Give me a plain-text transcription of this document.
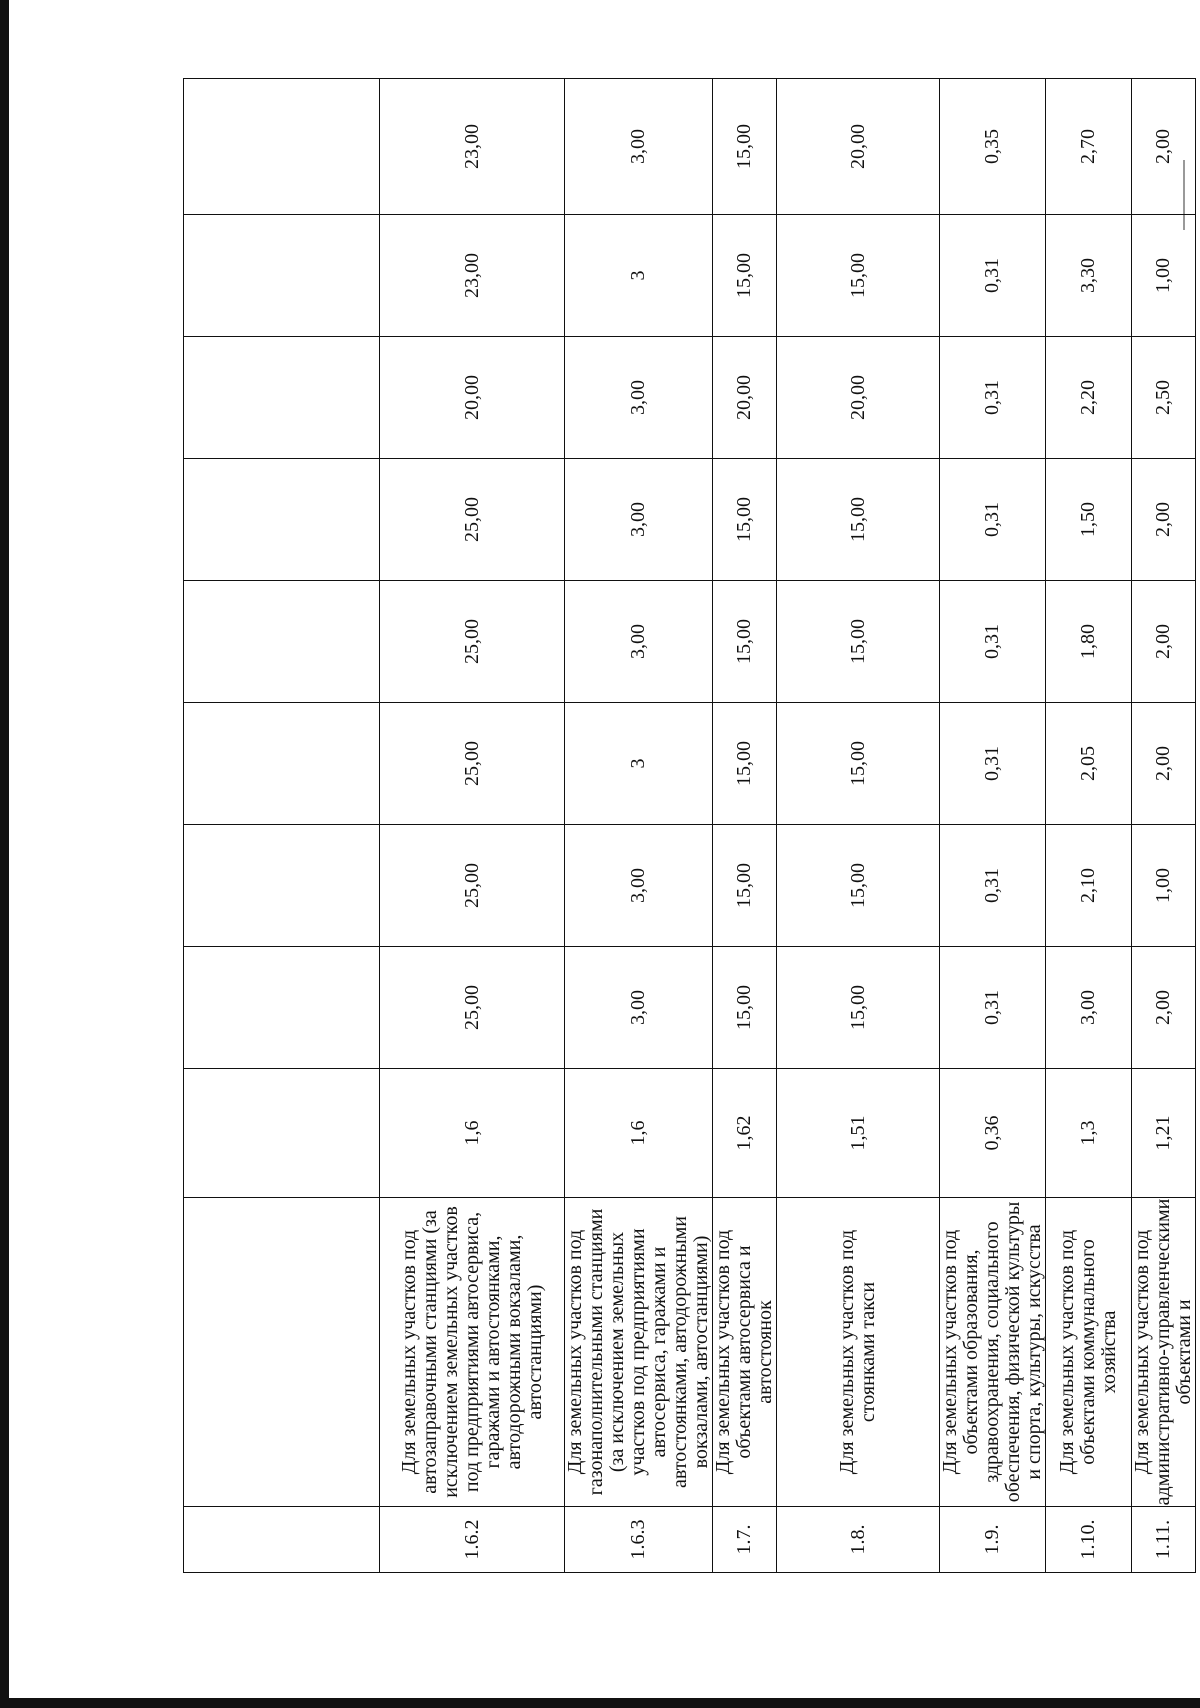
1.6.2	Для земельных участков под автозаправочными станциями (за исключением земельных участков под предприятиями автосервиса, гаражами и автостоянками, автодорожными вокзалами, автостанциями)	1,6	25,00	25,00	25,00	25,00	25,00	20,00	23,00	23,00
1.6.3	Для земельных участков под газонаполнительными станциями (за исключением земельных участков под предприятиями автосервиса, гаражами и автостоянками, автодорожными вокзалами, автостанциями)	1,6	3,00	3,00	3	3,00	3,00	3,00	3	3,00
1.7.	Для земельных участков под объектами автосервиса и автостоянок	1,62	15,00	15,00	15,00	15,00	15,00	20,00	15,00	15,00
1.8.	Для земельных участков под стоянками такси	1,51	15,00	15,00	15,00	15,00	15,00	20,00	15,00	20,00
1.9.	Для земельных участков под объектами образования, здравоохранения, социального обеспечения, физической культуры и спорта, культуры, искусства	0,36	0,31	0,31	0,31	0,31	0,31	0,31	0,31	0,35
1.10.	Для земельных участков под объектами коммунального хозяйства	1,3	3,00	2,10	2,05	1,80	1,50	2,20	3,30	2,70
1.11.	Для земельных участков под административно-управленческими объектами и	1,21	2,00	1,00	2,00	2,00	2,00	2,50	1,00	2,00
